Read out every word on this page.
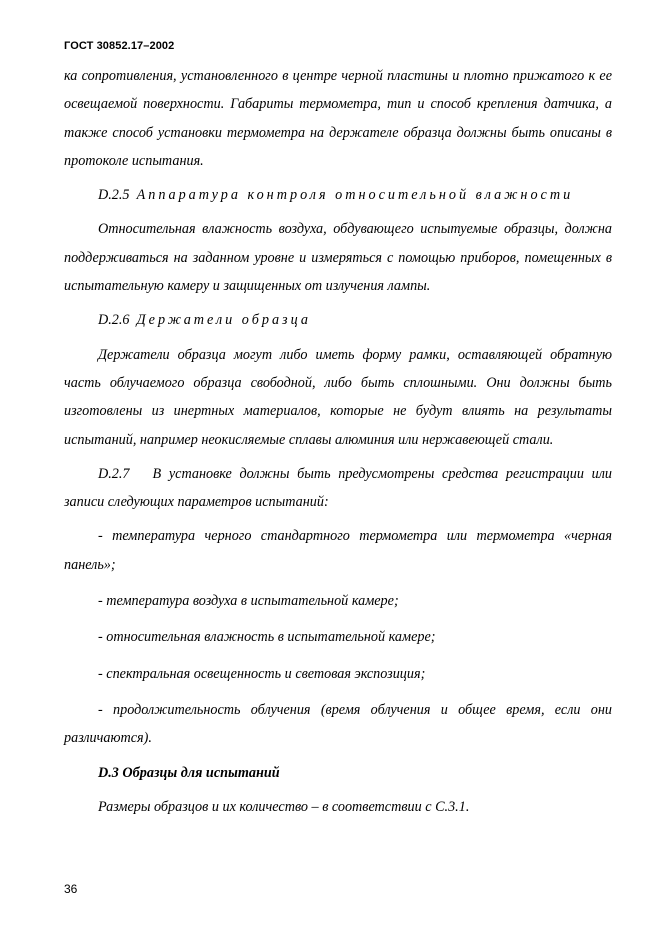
ГОСТ 30852.17–2002

ка сопротивления, установленного в центре черной пластины и плотно прижатого к ее освещаемой поверхности. Габариты термометра, тип и способ крепления датчика, а также способ установки термометра на держателе образца должны быть описаны в протоколе испытания.

D.2.5 Аппаратура контроля относительной влажности

Относительная влажность воздуха, обдувающего испытуемые образцы, должна поддерживаться на заданном уровне и измеряться с помощью приборов, помещенных в испытательную камеру и защищенных от излучения лампы.

D.2.6 Держатели образца

Держатели образца могут либо иметь форму рамки, оставляющей обратную часть облучаемого образца свободной, либо быть сплошными. Они должны быть изготовлены из инертных материалов, которые не будут влиять на результаты испытаний, например неокисляемые сплавы алюминия или нержавеющей стали.

D.2.7 В установке должны быть предусмотрены средства регистрации или записи следующих параметров испытаний:

- температура черного стандартного термометра или термометра «черная панель»;

- температура воздуха в испытательной камере;

- относительная влажность в испытательной камере;

- спектральная освещенность и световая экспозиция;

- продолжительность облучения (время облучения и общее время, если они различаются).

D.3 Образцы для испытаний

Размеры образцов и их количество – в соответствии с С.3.1.

36
